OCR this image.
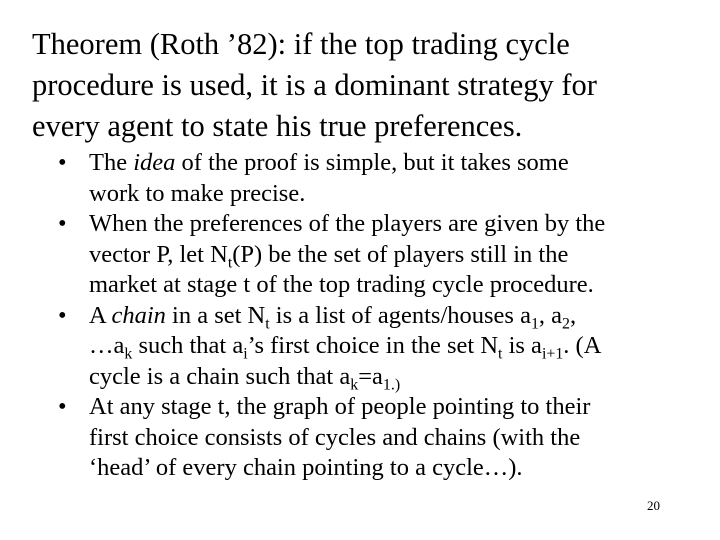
Theorem (Roth ’82): if the top trading cycle
procedure is used, it is a dominant strategy for
every agent to state his true preferences.
• The idea of the proof is simple, but it takes some
work to make precise.
• When the preferences of the players are given by the
vector P, let $N_t(P)$ be the set of players still in the
market at stage t of the top trading cycle procedure.
• A chain in a set $N_t$ is a list of agents/houses $a_1$, $a_2$,
$\dots a_k$ such that $a_i’s$ first choice in the set $N_t$ is $a_{i+1}$. (A
cycle is a chain such that $a_k=a_{1.)}$
• At any stage t, the graph of people pointing to their
first choice consists of cycles and chains (with the
‘head’ of every chain pointing to a cycle…).
20
